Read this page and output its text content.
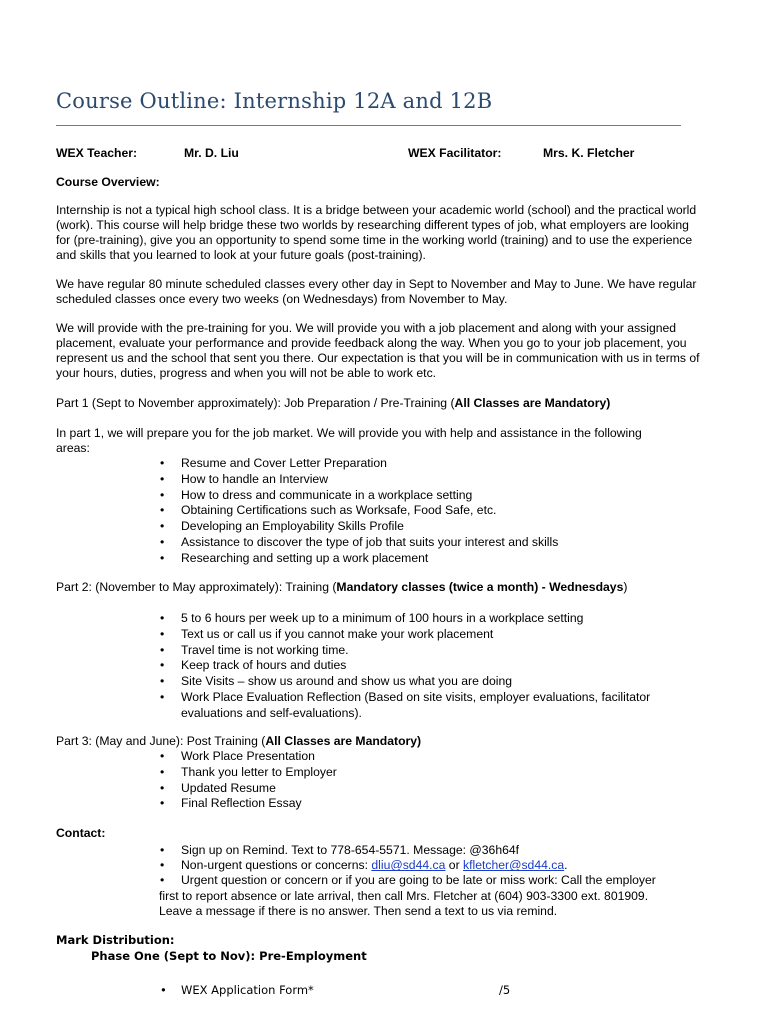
Course Outline: Internship 12A and 12B
WEX Teacher:	Mr. D. Liu	WEX Facilitator:	Mrs. K. Fletcher
Course Overview:
Internship is not a typical high school class. It is a bridge between your academic world (school) and the practical world
(work). This course will help bridge these two worlds by researching different types of job, what employers are looking
for (pre-training), give you an opportunity to spend some time in the working world (training) and to use the experience
and skills that you learned to look at your future goals (post-training).
We have regular 80 minute scheduled classes every other day in Sept to November and May to June. We have regular
scheduled classes once every two weeks (on Wednesdays) from November to May.
We will provide with the pre-training for you. We will provide you with a job placement and along with your assigned
placement, evaluate your performance and provide feedback along the way. When you go to your job placement, you
represent us and the school that sent you there. Our expectation is that you will be in communication with us in terms of
your hours, duties, progress and when you will not be able to work etc.
Part 1 (Sept to November approximately): Job Preparation / Pre-Training (All Classes are Mandatory)
In part 1, we will prepare you for the job market. We will provide you with help and assistance in the following
areas:
• Resume and Cover Letter Preparation
• How to handle an Interview
• How to dress and communicate in a workplace setting
• Obtaining Certifications such as Worksafe, Food Safe, etc.
• Developing an Employability Skills Profile
• Assistance to discover the type of job that suits your interest and skills
• Researching and setting up a work placement
Part 2: (November to May approximately): Training (Mandatory classes (twice a month) - Wednesdays)
• 5 to 6 hours per week up to a minimum of 100 hours in a workplace setting
• Text us or call us if you cannot make your work placement
• Travel time is not working time.
• Keep track of hours and duties
• Site Visits – show us around and show us what you are doing
• Work Place Evaluation Reflection (Based on site visits, employer evaluations, facilitator
evaluations and self-evaluations).
Part 3: (May and June): Post Training (All Classes are Mandatory)
• Work Place Presentation
• Thank you letter to Employer
• Updated Resume
• Final Reflection Essay
Contact:
• Sign up on Remind. Text to 778-654-5571. Message: @36h64f
• Non-urgent questions or concerns: dliu@sd44.ca or kfletcher@sd44.ca.
• Urgent question or concern or if you are going to be late or miss work: Call the employer
first to report absence or late arrival, then call Mrs. Fletcher at (604) 903-3300 ext. 801909.
Leave a message if there is no answer. Then send a text to us via remind.
Mark Distribution:
Phase One (Sept to Nov): Pre-Employment
• WEX Application Form*	/5
